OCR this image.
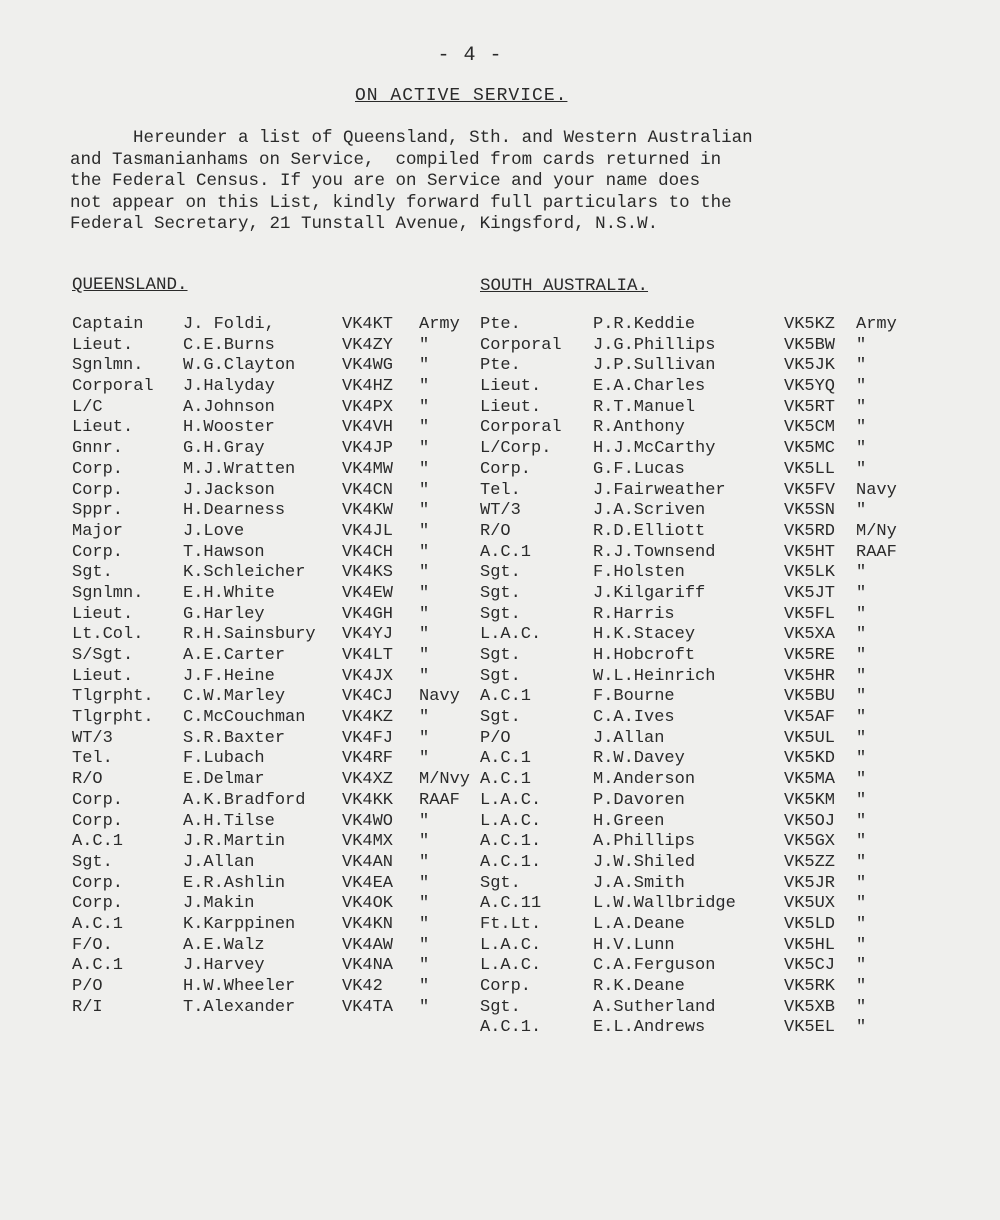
- 4 -
ON ACTIVE SERVICE.
Hereunder a list of Queensland, Sth. and Western Australian
and Tasmanianhams on Service,  compiled from cards returned in
the Federal Census. If you are on Service and your name does
not appear on this List, kindly forward full particulars to the
Federal Secretary, 21 Tunstall Avenue, Kingsford, N.S.W.
QUEENSLAND.	SOUTH AUSTRALIA.
Captain J. Foldi,	VK4KT Army Pte.	P.R.Keddie	VK5KZ Army
Lieut.	C.E.Burns	VK4ZY "	Corporal J.G.Phillips	VK5BW "
Sgnlmn. W.G.Clayton	VK4WG "	Pte.	J.P.Sullivan	VK5JK "
Corporal J.Halyday	VK4HZ "	Lieut.	E.A.Charles	VK5YQ "
L/C	A.Johnson	VK4PX "	Lieut.	R.T.Manuel	VK5RT "
Lieut.	H.Wooster	VK4VH "	Corporal R.Anthony	VK5CM "
Gnnr.	G.H.Gray	VK4JP "	L/Corp. H.J.McCarthy	VK5MC "
Corp.	M.J.Wratten	VK4MW "	Corp.	G.F.Lucas	VK5LL "
Corp.	J.Jackson	VK4CN "	Tel.	J.Fairweather	VK5FV Navy
Sppr.	H.Dearness	VK4KW "	WT/3	J.A.Scriven	VK5SN "
Major	J.Love	VK4JL "	R/O	R.D.Elliott	VK5RD M/Ny
Corp.	T.Hawson	VK4CH "	A.C.1	R.J.Townsend	VK5HT RAAF
Sgt.	K.Schleicher VK4KS "	Sgt.	F.Holsten	VK5LK "
Sgnlmn. E.H.White	VK4EW "	Sgt.	J.Kilgariff	VK5JT "
Lieut.	G.Harley	VK4GH "	Sgt.	R.Harris	VK5FL "
Lt.Col. R.H.Sainsbury VK4YJ "	L.A.C.	H.K.Stacey	VK5XA "
S/Sgt.	A.E.Carter	VK4LT "	Sgt.	H.Hobcroft	VK5RE "
Lieut.	J.F.Heine	VK4JX "	Sgt.	W.L.Heinrich	VK5HR "
Tlgrpht. C.W.Marley	VK4CJ Navy A.C.1	F.Bourne	VK5BU "
Tlgrpht. C.McCouchman VK4KZ "	Sgt.	C.A.Ives	VK5AF "
WT/3	S.R.Baxter	VK4FJ "	P/O	J.Allan	VK5UL "
Tel.	F.Lubach	VK4RF "	A.C.1	R.W.Davey	VK5KD "
R/O	E.Delmar	VK4XZ M/Nvy A.C.1	M.Anderson	VK5MA "
Corp.	A.K.Bradford VK4KK RAAF L.A.C.	P.Davoren	VK5KM "
Corp.	A.H.Tilse	VK4WO "	L.A.C.	H.Green	VK5OJ "
A.C.1	J.R.Martin	VK4MX "	A.C.1.	A.Phillips	VK5GX "
Sgt.	J.Allan	VK4AN "	A.C.1.	J.W.Shiled	VK5ZZ "
Corp.	E.R.Ashlin	VK4EA "	Sgt.	J.A.Smith	VK5JR "
Corp.	J.Makin	VK4OK "	A.C.11	L.W.Wallbridge	VK5UX "
A.C.1	K.Karppinen	VK4KN "	Ft.Lt.	L.A.Deane	VK5LD "
F/O.	A.E.Walz	VK4AW "	L.A.C.	H.V.Lunn	VK5HL "
A.C.1	J.Harvey	VK4NA "	L.A.C.	C.A.Ferguson	VK5CJ "
P/O	H.W.Wheeler	VK42 "	Corp.	R.K.Deane	VK5RK "
R/I	T.Alexander	VK4TA "	Sgt.	A.Sutherland	VK5XB "
A.C.1.	E.L.Andrews	VK5EL "
